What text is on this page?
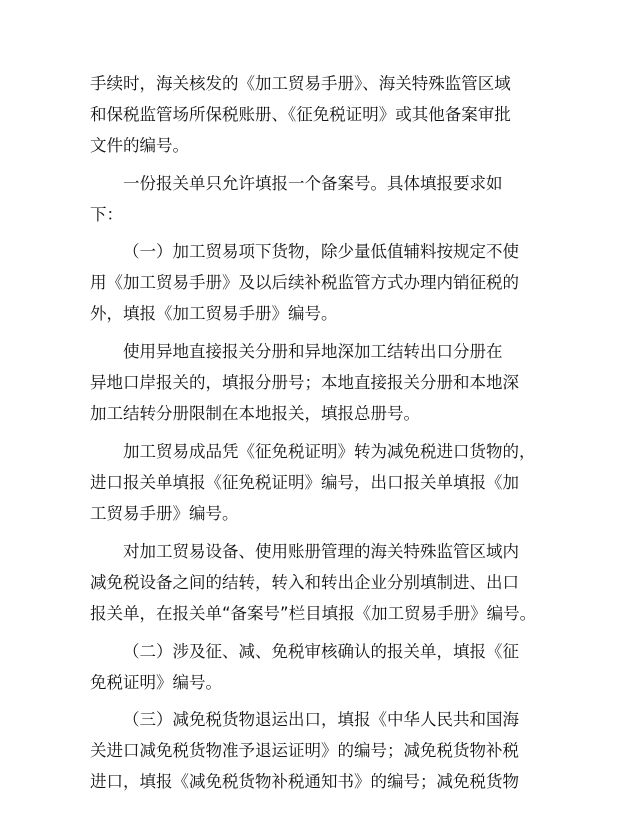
手续时，海关核发的《加工贸易手册》、海关特殊监管区域
和保税监管场所保税账册、《征免税证明》或其他备案审批
文件的编号。
一份报关单只允许填报一个备案号。具体填报要求如
下：
（一）加工贸易项下货物，除少量低值辅料按规定不使
用《加工贸易手册》及以后续补税监管方式办理内销征税的
外，填报《加工贸易手册》编号。
使用异地直接报关分册和异地深加工结转出口分册在
异地口岸报关的，填报分册号；本地直接报关分册和本地深
加工结转分册限制在本地报关，填报总册号。
加工贸易成品凭《征免税证明》转为减免税进口货物的，
进口报关单填报《征免税证明》编号，出口报关单填报《加
工贸易手册》编号。
对加工贸易设备、使用账册管理的海关特殊监管区域内
减免税设备之间的结转，转入和转出企业分别填制进、出口
报关单，在报关单“备案号”栏目填报《加工贸易手册》编号。
（二）涉及征、减、免税审核确认的报关单，填报《征
免税证明》编号。
（三）减免税货物退运出口，填报《中华人民共和国海
关进口减免税货物准予退运证明》的编号；减免税货物补税
进口，填报《减免税货物补税通知书》的编号；减免税货物
